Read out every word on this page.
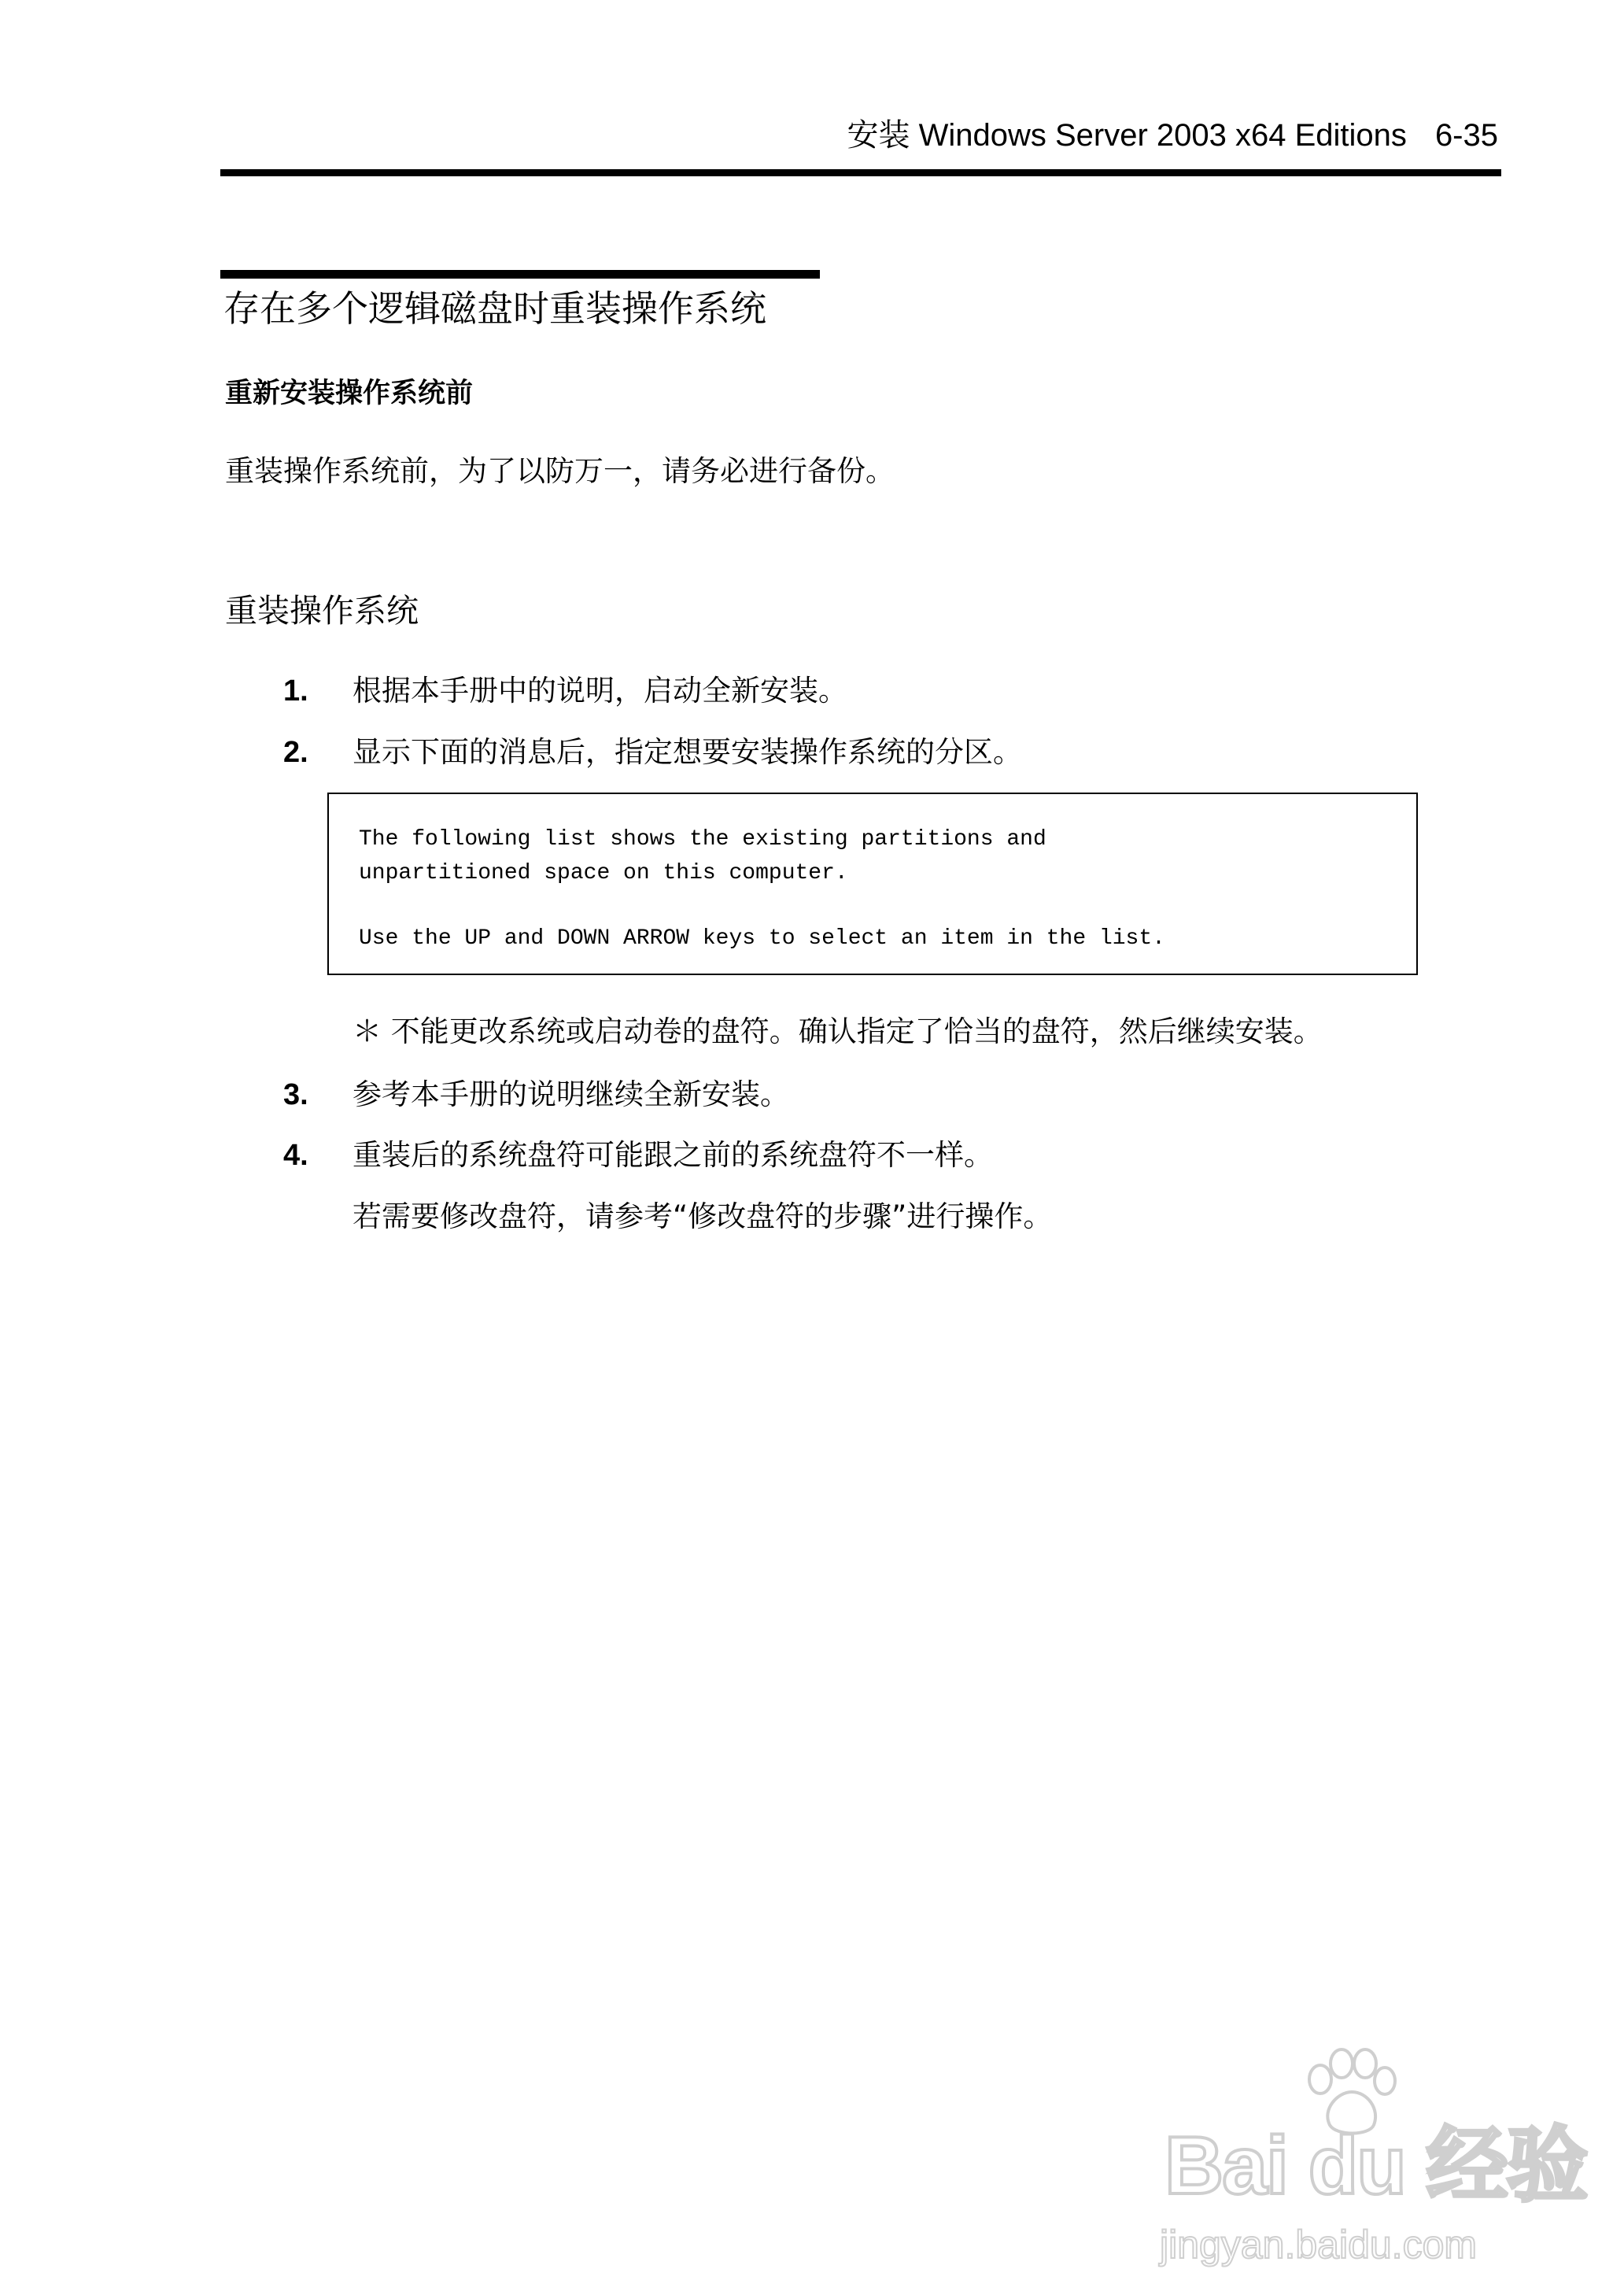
安装 Windows Server 2003 x64 Editions 6-35
存在多个逻辑磁盘时重装操作系统
重新安装操作系统前
重装操作系统前，为了以防万一，请务必进行备份。
重装操作系统
1. 根据本手册中的说明，启动全新安装。
2. 显示下面的消息后，指定想要安装操作系统的分区。
The following list shows the existing partitions and
unpartitioned space on this computer.
Use the UP and DOWN ARROW keys to select an item in the list.
＊ 不能更改系统或启动卷的盘符。确认指定了恰当的盘符，然后继续安装。
3. 参考本手册的说明继续全新安装。
4. 重装后的系统盘符可能跟之前的系统盘符不一样。
若需要修改盘符，请参考“修改盘符的步骤”进行操作。
Bai du 经验
jingyan.baidu.com
